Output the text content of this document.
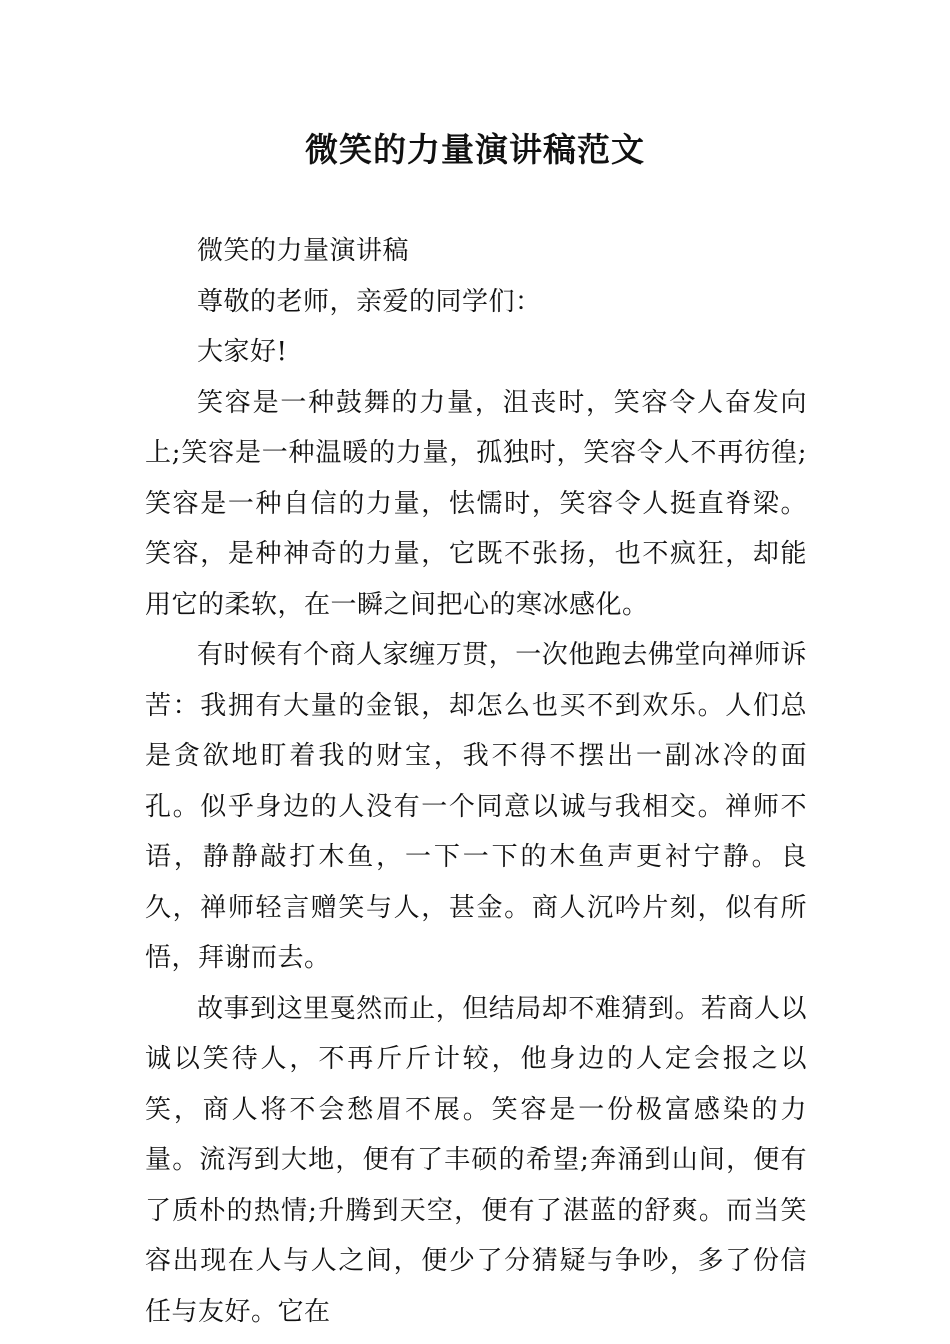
微笑的力量演讲稿范文

微笑的力量演讲稿

尊敬的老师，亲爱的同学们：

大家好!

笑容是一种鼓舞的力量，沮丧时，笑容令人奋发向上;笑容是一种温暖的力量，孤独时，笑容令人不再彷徨;笑容是一种自信的力量，怯懦时，笑容令人挺直脊梁。笑容，是种神奇的力量，它既不张扬，也不疯狂，却能用它的柔软，在一瞬之间把心的寒冰感化。

有时候有个商人家缠万贯，一次他跑去佛堂向禅师诉苦：我拥有大量的金银，却怎么也买不到欢乐。人们总是贪欲地盯着我的财宝，我不得不摆出一副冰冷的面孔。似乎身边的人没有一个同意以诚与我相交。禅师不语，静静敲打木鱼，一下一下的木鱼声更衬宁静。良久，禅师轻言赠笑与人，甚金。商人沉吟片刻，似有所悟，拜谢而去。

故事到这里戛然而止，但结局却不难猜到。若商人以诚以笑待人，不再斤斤计较，他身边的人定会报之以笑，商人将不会愁眉不展。笑容是一份极富感染的力量。流泻到大地，便有了丰硕的希望;奔涌到山间，便有了质朴的热情;升腾到天空，便有了湛蓝的舒爽。而当笑容出现在人与人之间，便少了分猜疑与争吵，多了份信任与友好。它在
